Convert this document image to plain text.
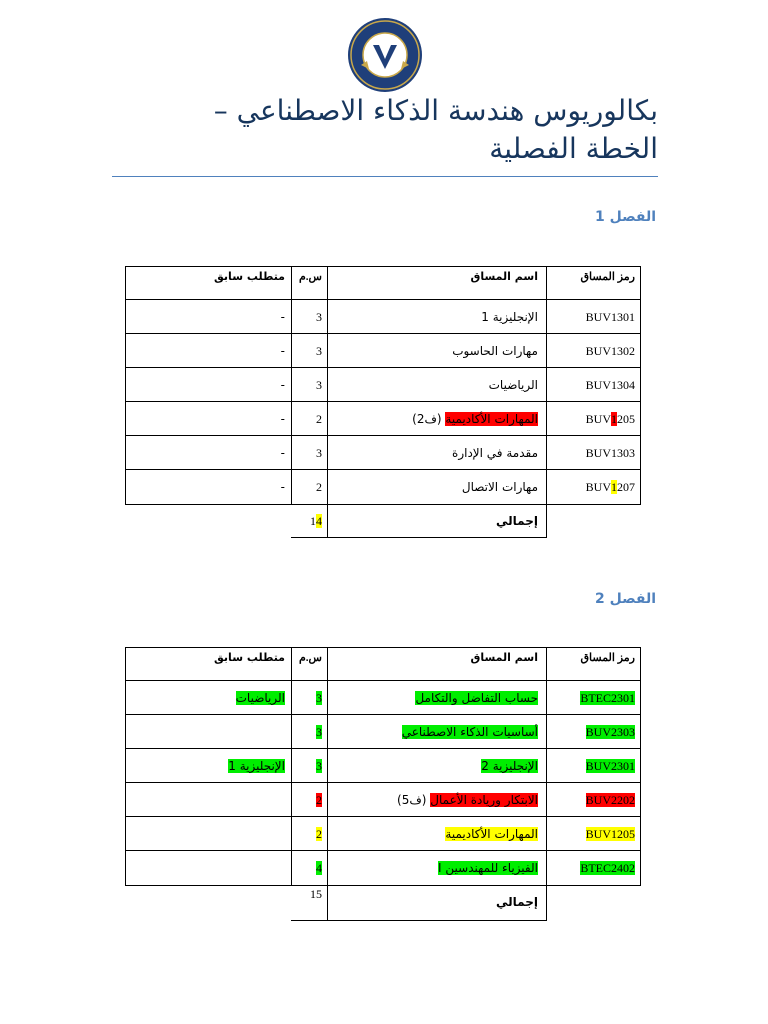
بكالوريوس هندسة الذكاء الاصطناعي – الخطة الفصلية
الفصل 1
رمز المساق
اسم المساق
س.م
متطلب سابق
BUV1301
الإنجليزية 1
3
-
BUV1302
مهارات الحاسوب
3
-
BUV1304
الرياضيات
3
-
BUV1205
المهارات الأكاديمية (ف2)
2
-
BUV1303
مقدمة في الإدارة
3
-
BUV1207
مهارات الاتصال
2
-
إجمالي
14
الفصل 2
رمز المساق
اسم المساق
س.م
متطلب سابق
BTEC2301
حساب التفاضل والتكامل
3
الرياضيات
BUV2303
أساسيات الذكاء الاصطناعي
3
BUV2301
الإنجليزية 2
3
الإنجليزية 1
BUV2202
الابتكار وريادة الأعمال (ف5)
2
BUV1205
المهارات الأكاديمية
2
BTEC2402
الفيزياء للمهندسين I
4
إجمالي
15
